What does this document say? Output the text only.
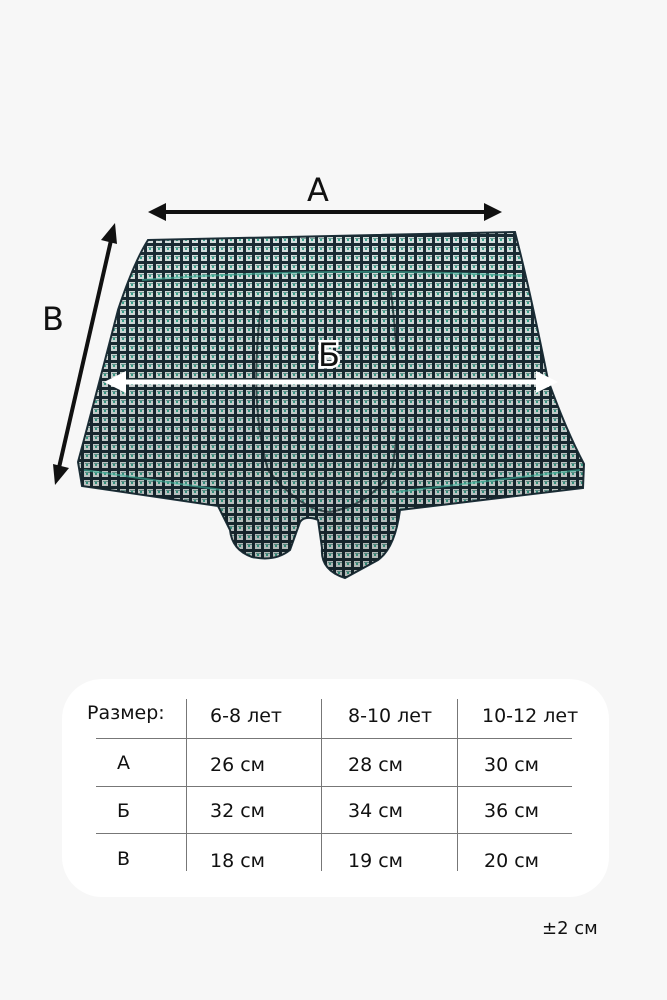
А
Б
В
Размер: 6-8 лет	8-10 лет	10-12 лет
А	26 см	28 см	30 см
Б	32 см	34 см	36 см
В	18 см	19 см	20 см
±2 см
